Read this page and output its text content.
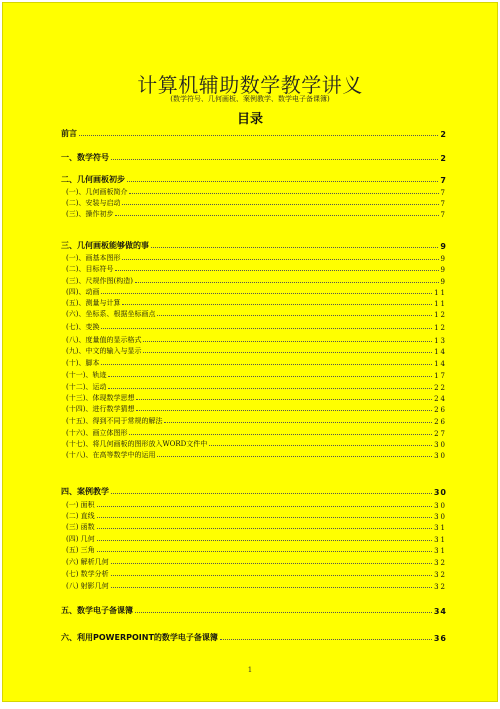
计算机辅助数学教学讲义
(数学符号、几何画板、案例教学、数学电子备课簿)
目录
前言	2
一、数学符号	2
二、几何画板初步	7
(一)、几何画板简介	7
(二)、安装与启动	7
(三)、操作初步	7
三、几何画板能够做的事	9
(一)、画基本图形	9
(二)、目标符号	9
(三)、尺规作图(构造)	9
(四)、动画	11
(五)、测量与计算	11
(六)、坐标系、根据坐标画点	12
(七)、变换	12
(八)、度量值的显示格式	13
(九)、中文的输入与显示	14
(十)、脚本	14
(十一)、轨迹	17
(十二)、运动	22
(十三)、体现数学思想	24
(十四)、进行数学猜想	26
(十五)、得到不同于常规的解法	26
(十六)、画立体图形	27
(十七)、将几何画板的图形放入WORD文件中	30
(十八)、在高等数学中的运用	30
四、案例教学	30
(一) 面积	30
(二) 直线	30
(三) 函数	31
(四) 几何	31
(五) 三角	31
(六) 解析几何	32
(七) 数学分析	32
(八) 射影几何	32
五、数学电子备课簿	34
六、利用POWERPOINT的数学电子备课簿	36
1
